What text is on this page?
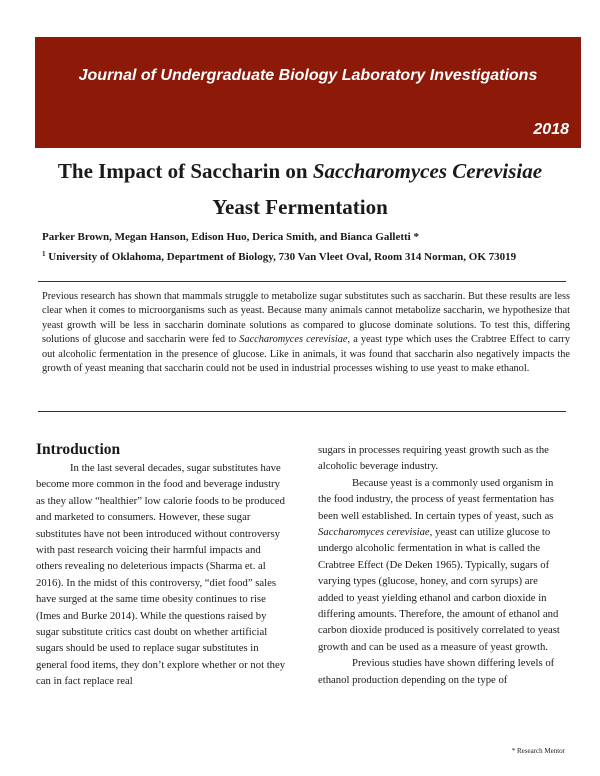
Journal of Undergraduate Biology Laboratory Investigations
2018
The Impact of Saccharin on Saccharomyces Cerevisiae
Yeast Fermentation
Parker Brown, Megan Hanson, Edison Huo, Derica Smith, and Bianca Galletti *
$^1$ University of Oklahoma, Department of Biology, 730 Van Vleet Oval, Room 314 Norman, OK 73019

Previous research has shown that mammals struggle to metabolize sugar substitutes such as saccharin. But these results are less clear when it comes to microorganisms such as yeast. Because many animals cannot metabolize saccharin, we hypothesize that yeast growth will be less in saccharin dominate solutions as compared to glucose dominate solutions. To test this, differing solutions of glucose and saccharin were fed to Saccharomyces cerevisiae, a yeast type which uses the Crabtree Effect to carry out alcoholic fermentation in the presence of glucose. Like in animals, it was found that saccharin also negatively impacts the growth of yeast meaning that saccharin could not be used in industrial processes wishing to use yeast to make ethanol.

Introduction

In the last several decades, sugar substitutes have become more common in the food and beverage industry as they allow “healthier” low calorie foods to be produced and marketed to consumers. However, these sugar substitutes have not been introduced without controversy with past research voicing their harmful impacts and others revealing no deleterious impacts (Sharma et. al 2016). In the midst of this controversy, “diet food” sales have surged at the same time obesity continues to rise (Imes and Burke 2014). While the questions raised by sugar substitute critics cast doubt on whether artificial sugars should be used to replace sugar substitutes in general food items, they don’t explore whether or not they can in fact replace real

sugars in processes requiring yeast growth such as the alcoholic beverage industry.

Because yeast is a commonly used organism in the food industry, the process of yeast fermentation has been well established. In certain types of yeast, such as Saccharomyces cerevisiae, yeast can utilize glucose to undergo alcoholic fermentation in what is called the Crabtree Effect (De Deken 1965). Typically, sugars of varying types (glucose, honey, and corn syrups) are added to yeast yielding ethanol and carbon dioxide in differing amounts. Therefore, the amount of ethanol and carbon dioxide produced is positively correlated to yeast growth and can be used as a measure of yeast growth.

Previous studies have shown differing levels of ethanol production depending on the type of

* Research Mentor
